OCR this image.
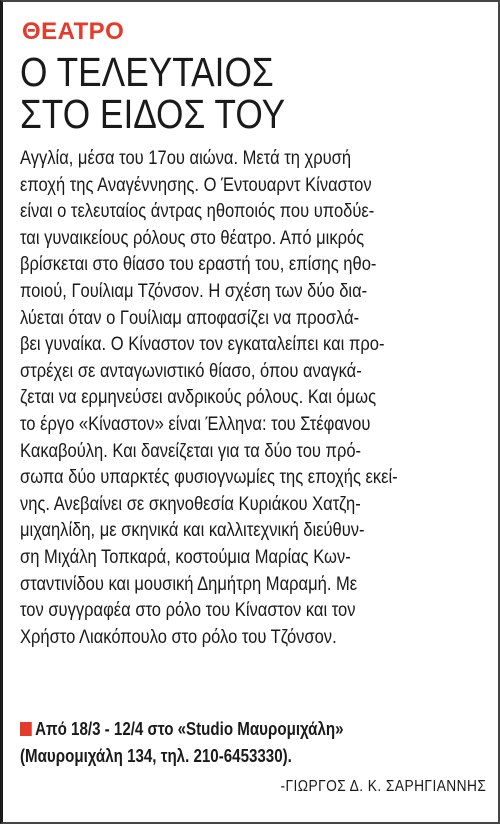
ΘΕΑΤΡΟ
Ο ΤΕΛΕΥΤΑΙΟΣ
ΣΤΟ ΕΙΔΟΣ ΤΟΥ
Αγγλία, μέσα του 17ου αιώνα. Μετά τη χρυσή
εποχή της Αναγέννησης. Ο Έντουαρντ Κίναστον
είναι ο τελευταίος άντρας ηθοποιός που υποδύε-
ται γυναικείους ρόλους στο θέατρο. Από μικρός
βρίσκεται στο θίασο του εραστή του, επίσης ηθο-
ποιού, Γουίλιαμ Τζόνσον. Η σχέση των δύο δια-
λύεται όταν ο Γουίλιαμ αποφασίζει να προσλά-
βει γυναίκα. Ο Κίναστον τον εγκαταλείπει και προ-
στρέχει σε ανταγωνιστικό θίασο, όπου αναγκά-
ζεται να ερμηνεύσει ανδρικούς ρόλους. Και όμως
το έργο «Κίναστον» είναι Έλληνα: του Στέφανου
Κακαβούλη. Και δανείζεται για τα δύο του πρό-
σωπα δύο υπαρκτές φυσιογνωμίες της εποχής εκεί-
νης. Ανεβαίνει σε σκηνοθεσία Κυριάκου Χατζη-
μιχαηλίδη, με σκηνικά και καλλιτεχνική διεύθυν-
ση Μιχάλη Τοπκαρά, κοστούμια Μαρίας Κων-
σταντινίδου και μουσική Δημήτρη Μαραμή. Με
τον συγγραφέα στο ρόλο του Κίναστον και τον
Χρήστο Λιακόπουλο στο ρόλο του Τζόνσον.
Από 18/3 - 12/4 στο «Studio Μαυρομιχάλη»
(Μαυρομιχάλη 134, τηλ. 210-6453330).
-ΓΙΩΡΓΟΣ Δ. Κ. ΣΑΡΗΓΙΑΝΝΗΣ
